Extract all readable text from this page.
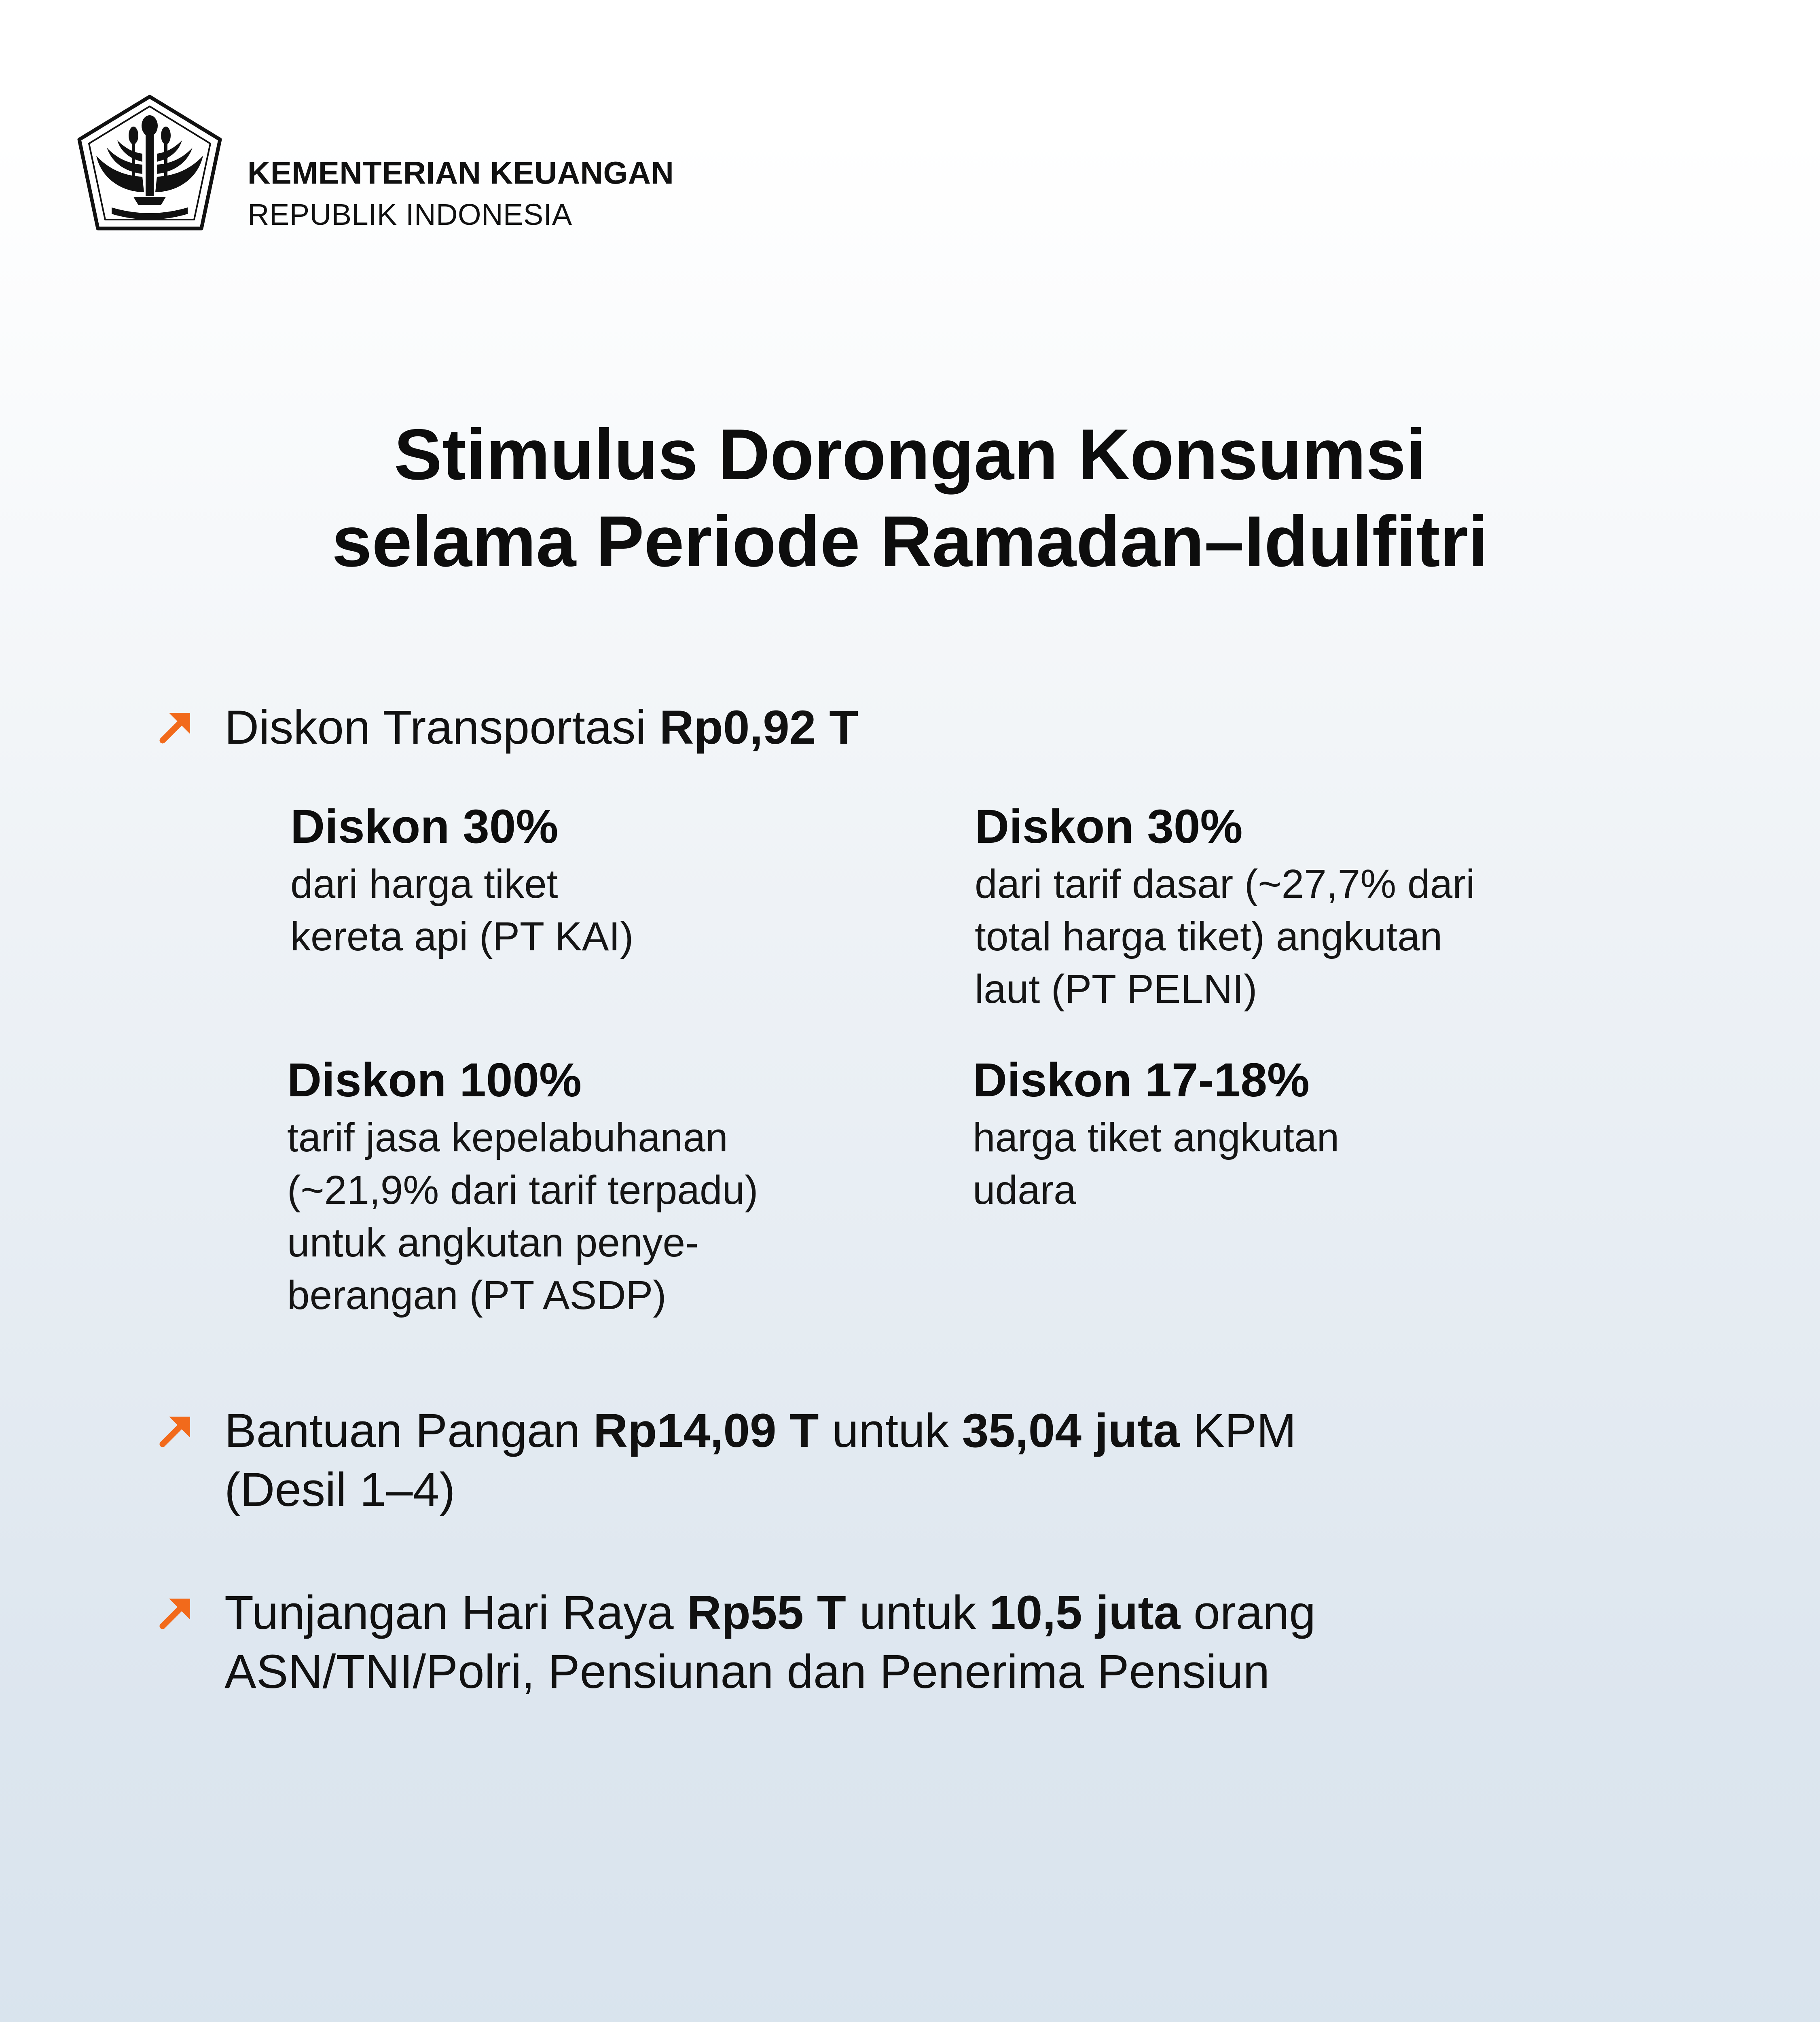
KEMENTERIAN KEUANGAN
REPUBLIK INDONESIA
Stimulus Dorongan Konsumsi
selama Periode Ramadan–Idulfitri
Diskon Transportasi Rp0,92 T
Diskon 30%
dari harga tiket
kereta api (PT KAI)
Diskon 30%
dari tarif dasar (~27,7% dari
total harga tiket) angkutan
laut (PT PELNI)
Diskon 100%
tarif jasa kepelabuhanan
(~21,9% dari tarif terpadu)
untuk angkutan penye-
berangan (PT ASDP)
Diskon 17-18%
harga tiket angkutan
udara
Bantuan Pangan Rp14,09 T untuk 35,04 juta KPM
(Desil 1–4)
Tunjangan Hari Raya Rp55 T untuk 10,5 juta orang
ASN/TNI/Polri, Pensiunan dan Penerima Pensiun
